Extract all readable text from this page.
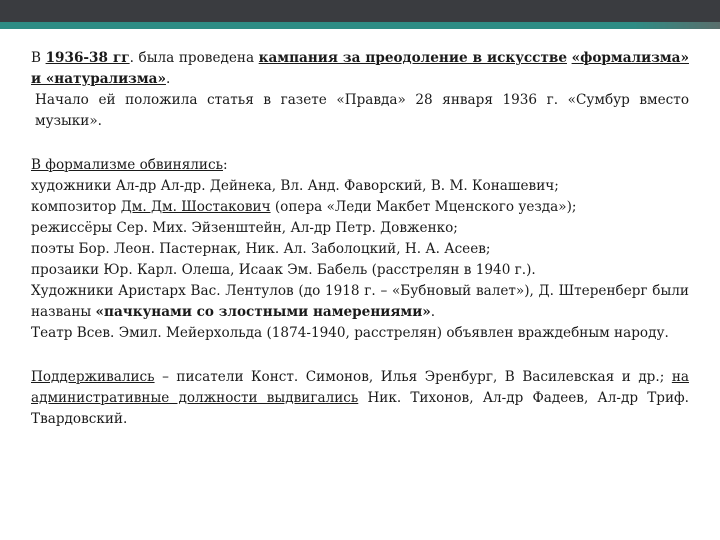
В 1936-38 гг. была проведена кампания за преодоление в искусстве «формализма» и «натурализма».

Начало ей положила статья в газете «Правда» 28 января 1936 г. «Сумбур вместо музыки».

В формализме обвинялись:

художники Ал-др Ал-др. Дейнека, Вл. Анд. Фаворский, В. М. Конашевич;

композитор Дм. Дм. Шостакович (опера «Леди Макбет Мценского уезда»);

режиссёры Сер. Мих. Эйзенштейн, Ал-др Петр. Довженко;

поэты Бор. Леон. Пастернак, Ник. Ал. Заболоцкий, Н. А. Асеев;

прозаики Юр. Карл. Олеша, Исаак Эм. Бабель (расстрелян в 1940 г.).

Художники Аристарх Вас. Лентулов (до 1918 г. – «Бубновый валет»), Д. Штеренберг были названы «пачкунами со злостными намерениями».

Театр Всев. Эмил. Мейерхольда (1874-1940, расстрелян) объявлен враждебным народу.

Поддерживались – писатели Конст. Симонов, Илья Эренбург, В Василевская и др.; на административные должности выдвигались Ник. Тихонов, Ал-др Фадеев, Ал-др Триф. Твардовский.
